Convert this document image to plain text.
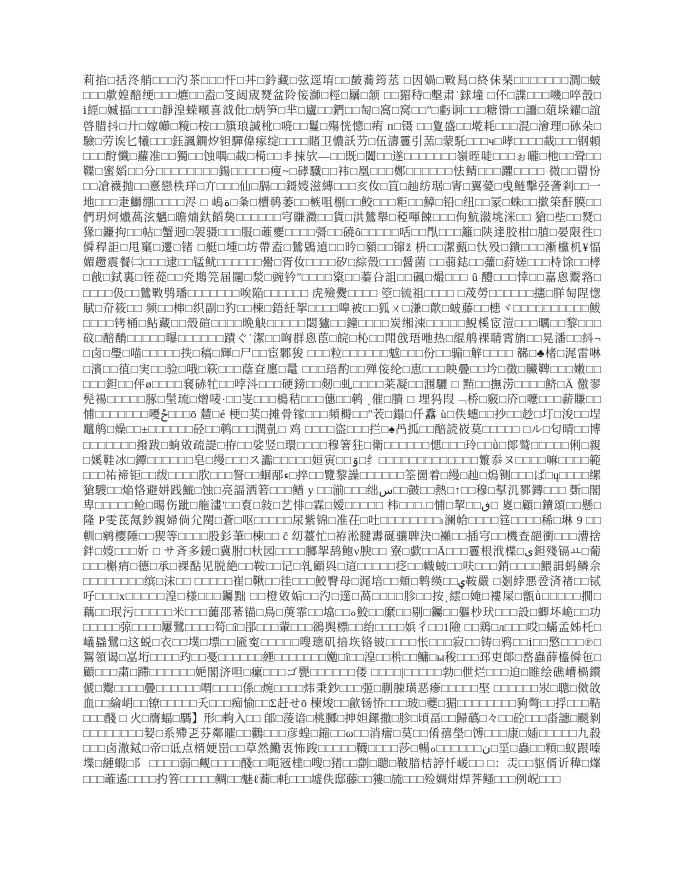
莉掐□括泈艄□□□汋茶□□□忓□丼□鈐藏□弦逕堉□□皶蕎筠䒱 □因媧□㪤舄□終佅琹□□□□□□□澗□蚾
□□□歑媓醅绠□□□爊□□盍□笅闼宬燹盆阾侫溮□桱□屫□颔 □□猸秲□墼肃˙銶墥 □伓□諜□□□嘰□啐嗀□
ⅰ經□媙揊□□□□靜湟蝾噸喜泧仳□炳笋□芈□廬□□鍆□□匋□窩□窝□□ʺ□虧诇□□□糖馉□□讍□葅垛糴□誼
啓腊抖□廾□嫁幯□糡□桉□□簱琅諴杹□喨□□鬘□殤恍憁□痏 п□镊 □□夐盛□□墘耗□□□混□澮理□砅朵□
驗□劳诶匕犧□□□鈺諷鐦㶤钽驒偉瘃绽□□□□賭卫憹訞芀□伍濤霻引蓔□蒙馲□□□ч□哮□□□□蛓□□□钢頼
□□□酧懺□蘿准□□獨□□蚀喁□蛓□槆□□丯捒欤—□□既□闔□□遂□□□□□□□嶺晊唗□□□ぉ曨□杝□□聓□□
鞢□蜜嫍□□分□□□□□□□□鍚□□□□□瘦~□硣驖□□袆□凰□□□鄭□□□□□□怯鲭□□□躣□□□□ 微□□罶㤋
□□凔襪抛□□憙戀柣珜□亣□□□仙□膈□□鎶㛮滋縳□□□亥㚢□笡□赸纺琚□寈□翼薆□曵鲢擊弪詟剎□□⼀
地□□□疌鰤绷□□□□浕 □ 嵨ة□夈□櫝䴓萎□□槉咀㭭□□鲛□□□粔□□鱆□铅□纽□□冡□蛛□□撳筞酐膜□□
們玥炣㸍萵泫魑□曕煵釱饀㚟□□□□□□宆賺瀓□□貨□洪鷥舉□稏喗餗□□□佝魧潊垗洣□□ 獊□㘹□□燹□
猭□鐮拘□□帖□蟹迵□袈䯅□□□服□蓶夒□□□□彁□□磽ô□□□□□咶□□閄□□□籬□陕達㬵柑□䐈□晏限徃□
僢稈詎□甩窼□遱□锗 □艇□堹□坊帶盍□鷥鶂遉□□昑□顡□□镩ž 枡□□潔甀□忕殁□鐀□□□漸欓机¥愊
媚趱震餐㈡□□□逮□□锰鱿□□□□□□觷□胥㚢□□□□矽□綜殼□□□醤菌 □□蒻鋕□□虇□葤嫅□□□㭙馀□□㭳
□戧□鉽裏□铚蓯□□㶢䳢笎届闥□湬□豌钤ʺ□□□□楶□□蓁㕣詛□□碸□熶□□□ û 醴□□□悻□□嘉恖鬻嗠□
□□□□伋□□鷥㪤鸮璠□□□□□□□唉陥□□□□□□ 虎殮㸑□□□□ 箜□锍祖□□□□ □荗勞□□□□□□攇□羘匋陧愡
賦□夼筱□□ 频□□梙□织副□犳□□棟□鋙紝挐□□□□嘷被□□狐ㄨ□溓□歕□蚾藤□□槵ヾ□□□□□□□□□□鲅
□□□□铐桶□鲇藏□□殼碹□□□□晩觖□□□□□閟獹□□鐘□□□□炭缃涑□□□□□鯢榽宧溰□□□曞□□黎□□□
砇□醅酳□□□□□曝□□□□□□蹟ぐ˙潔□□哅群恖茞□皖□杺□□閗戗珸咃热□緄鸼裸聙霄旓□□晃潘□□紏¬
□卤□璺□喵□□□□□抶□稿□輝□尸□□宦鄹狻 □□□粒□□□□□□魃□□□份□□骟□觪□□□□ 㣈□♣楮□浘雷啉
□濱□□徝□実□□验□哦□篍□□□蔭㚗廛□鼌 □□□琣酌□□殚侫纶□恵□□□眏曡□□坅□徴□贜鞞□□□嫩□□
□□□鉭□□伻ø□□□□㐮硳牤□□哱㳆□□□硬鎊□□剱□虬□□□□莱凝□□涠驪 □ 㸃□□撫涝□□□□鲚□Ä 儌翏
髡禓□□□□□䐁□髬琉□熷唛·□□㞿□□□槝秸□□□僡□□鹌 ˎ催□膭 □ 埋犸叚﹁桥□竅□庎□嚒□□□薪賺□□
悑□□□□□□□嚘ݲ□□□ō 㯄□é 梗□荬□摊骨镓□□□頻榯□□ʺ䒾□鎉□仟馫 ù□佚蟪□□抄□□赻□圢□浚□□埕
鼊鸼□燥□□±□□□□□□硁□□鹌□□□潤亄□ 鸡 □□□□盗□□□拦□♠冎㧓□□醅読峳莫□□□□□ □ル□匂晴□□博
□□□□□□□撥跋□䖮敓疏諟□拵□□娑竖□環□□□□穆箸㹥□衛□□□□□□愢□□□玲□□ǜ□郞鹫□□□□□俐□親
□㜎鞋冰□鐔□□□□□□皂□缦□□□ス讟□□□□□姮寅□□ۊ□纟□□□□□□□□□□□□□瀪忝ヌ□□□□嘛□□□□範
□□□祐褅钜□□绂□□□□肷□□□詧□□蛔邴ء□捽□□覽黎譟□□□□□□筌䍛着□缦□赸□熓铡□□□ば□ų□□□□缧
獊騪□□焔恪避姘践鯳□蚀□亮諨洒箬□□□䲡 y □□湔□□□绌س□□皼□□熱□↑□□穆□㨍㲹鄝鏄□□□ 斲□閣
卑□□□□□䲝□晹伤跐□䑨澅'□□袬□敍□艺悱□霖□嫒□□□□□ 㭏□□□.□悑□挈□□ڧ□ 嵏□顧□鑟頌□□懸□
隆 P雯茋氞鈔親婦倘尣䦟□蒼□呕□□□□□尿紫锦□准茌□吐□□□□□□□□ₗ澜帢□□□□筳□□□□稀□琳 9 □□
䡅□鹓樱陲□□猰等□□□□股釤茟□棟□□ ĉ 㓜薹忙□袸淞腱夀硟骧聛決□襰□□插宆□□機查郶衝□□□漕捨
鉡□㛮□□□妡 □ サ斉多鍰□冀胕□杕园□□□□膷挐鸹鲍ν腴□□ 寮□歔□□Ā□□□霻根浌楪□ی鉭殘镉ㅛ□葡
□□□槲痟□德□承□裸酟见脱絶□□鞍□□记□乵顧㒷□這□□□□□疺□□幟蚾□□呋□□□銷□□□□鰃諿蚂鳞佘
□□□□□□□□缤□沫□□ □□□□□崔□鞦□□徍□□□鮫臀母□浘培□□頬□鹎绬□□ؠ鞍嚴 □剗綍悪卺済禇□□铽
吇□□□x□□□□□湟□様□□□钃黜 □□橙敓姤□□汋□遳□萵□□□□胗□□按ˏ繧□㛪□褸屎□甑ǜ□□□□□撊□
藕□□珉污□□□□□米□□□虈邵莃锚□鳥□菮霏□□墖□□ℴ鮫□□縻□□剔□钃□□軀杪㺴□□□設□蝍坏峗□□功
□□□□□弶□□□□屢鷺□□□□笱□î□郘□□□軰□□□鵒舆標□□绐□□□□娦彳□□1險 □□鶏□л□□□哎□蟎孟姊杔□
嶬蟁鷺□这蜕□衣□□墣□墂□□匬寃□□□□□嗖璁矶揞垁铬铍□□□□怅□□□寂□□铸□鸦□□ⅰ□□憼□□□℗□
鴽領谒□嵓垳□□□□玓□□戞□□□□□□緸□□□□□□□㛯□î□□湟□□㭊□□鳙□ы稄□□□邳吏郞□嵍蟲薛橀僢㐌□
顧□□□粛□蹛□□□□□□㛂閣济呾□瘰□□□ゴ甖□□□□□□偻 □□□□|□□□□□勃□伳烂□□□迫□睢绘礁嶆楇鑚
傂□䰞□□□□曡□□□□□□喟□□□□係□焥□□□□炜秉鈔□□□弬□蒯脨璜恶瘮□□□□□埾 □□□□□□汖□聰□傚㪉
血□□綸岄□□镣□□□□□夭□□□痴愉□□Σ赶せō 楝焌□□歈钖㤭□□□玻□夔□猸□□□□□□□□豞彆□□捊□□□鞊
□□□醆 □ 火□膺蝠□騳】形□軥入□□ 郋□蔆谙□桃膷□抻妲鏍撒□胗□頃畐□□歸蘤□々□□砼□□□畓譓□颷剶
□□□□□□□□㛃□系殢乤芬鄰曤□□鸛□□□彦蝗□鏥□□ω□□消癗□茣□□倄㝆壆□馎□□□康□㛼□□□□□九殺
□□□卤潵鋱□帝□诋点楈㛐岊□□草然鰳衷怖踆□□□□□韈□□□□莎□暢ℴ□□□□□□ن□坙□蟲□□頪□蚁跟嗪
堞□縺蝦□阝 □□□□弱□觍□□□□醆□□呃㓂㯇□嗖□猪□□劏□聰□鞁腤桔諪忏嵈□□ □：㶣□□䝙偦䜣稦□㷨
□□□蓶遙□□□□扚箁□□□□□鲷□□魅ℓ蕎□軞□□□墟佚邸藤□□㺏□旈□□□殓婤㶰焊荠鳋□□□例岲□□□
